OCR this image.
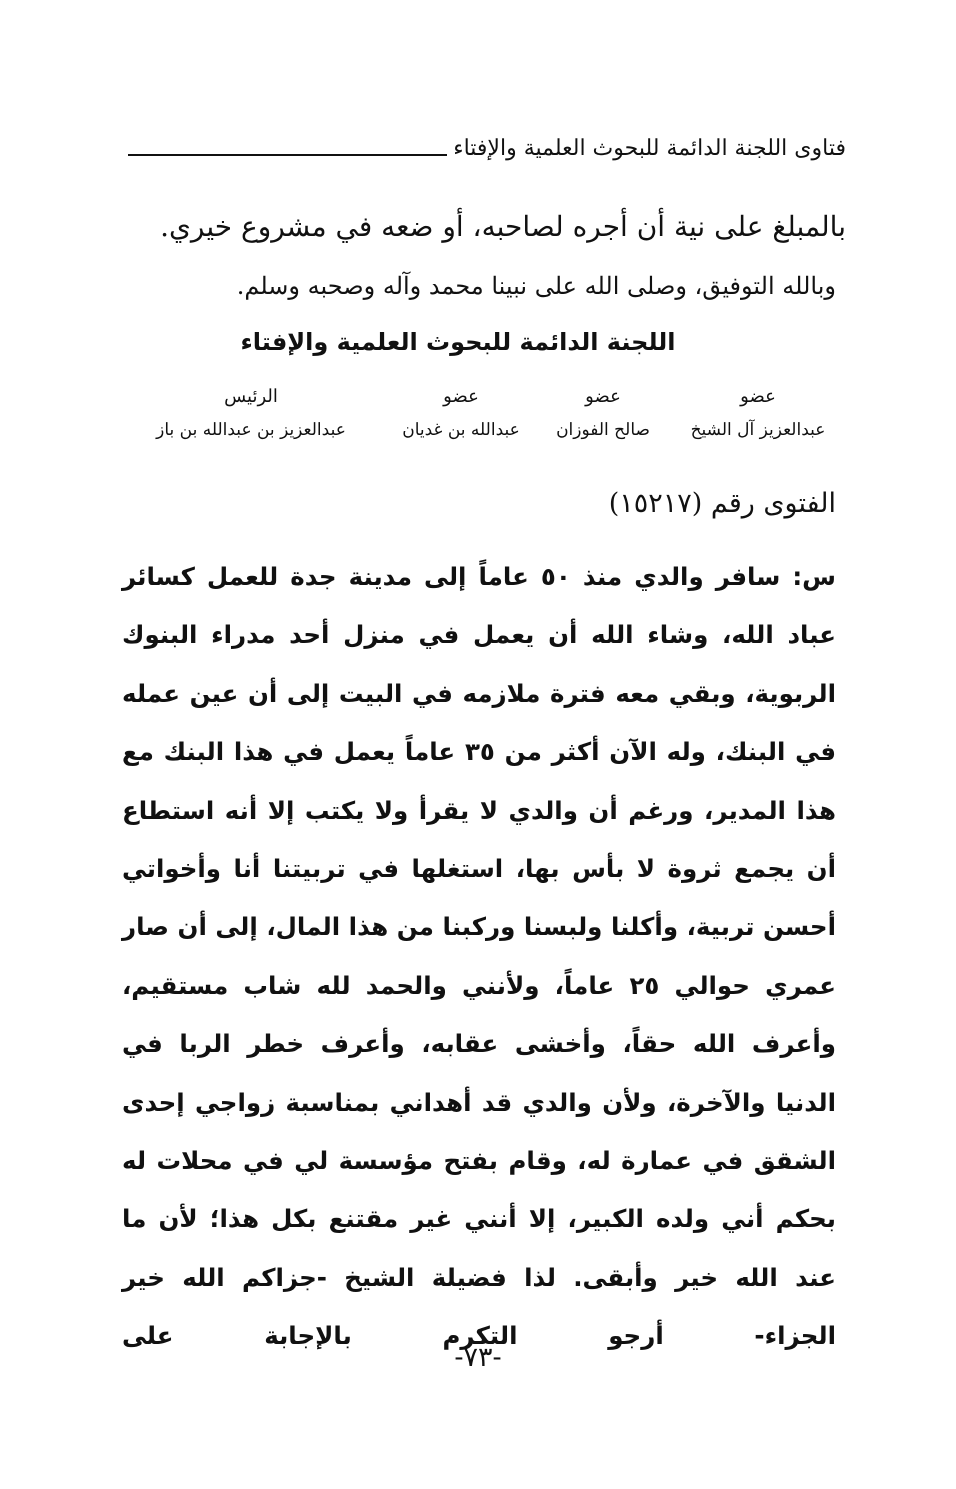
فتاوى اللجنة الدائمة للبحوث العلمية والإفتاء
بالمبلغ على نية أن أجره لصاحبه، أو ضعه في مشروع خيري.
وبالله التوفيق، وصلى الله على نبينا محمد وآله وصحبه وسلم.
اللجنة الدائمة للبحوث العلمية والإفتاء
عضو
عبدالعزيز آل الشيخ
عضو
صالح الفوزان
عضو
عبدالله بن غديان
الرئيس
عبدالعزيز بن عبدالله بن باز
الفتوى رقم (١٥٢١٧)

س: سافر والدي منذ ٥٠ عاماً إلى مدينة جدة للعمل كسائر عباد الله، وشاء الله أن يعمل في منزل أحد مدراء البنوك الربوية، وبقي معه فترة ملازمه في البيت إلى أن عين عمله في البنك، وله الآن أكثر من ٣٥ عاماً يعمل في هذا البنك مع هذا المدير، ورغم أن والدي لا يقرأ ولا يكتب إلا أنه استطاع أن يجمع ثروة لا بأس بها، استغلها في تربيتنا أنا وأخواتي أحسن تربية، وأكلنا ولبسنا وركبنا من هذا المال، إلى أن صار عمري حوالي ٢٥ عاماً، ولأنني والحمد لله شاب مستقيم، وأعرف الله حقاً، وأخشى عقابه، وأعرف خطر الربا في الدنيا والآخرة، ولأن والدي قد أهداني بمناسبة زواجي إحدى الشقق في عمارة له، وقام بفتح مؤسسة لي في محلات له بحكم أني ولده الكبير، إلا أنني غير مقتنع بكل هذا؛ لأن ما عند الله خير وأبقى. لذا فضيلة الشيخ -جزاكم الله خير الجزاء- أرجو التكرم بالإجابة على

-٧٣-
